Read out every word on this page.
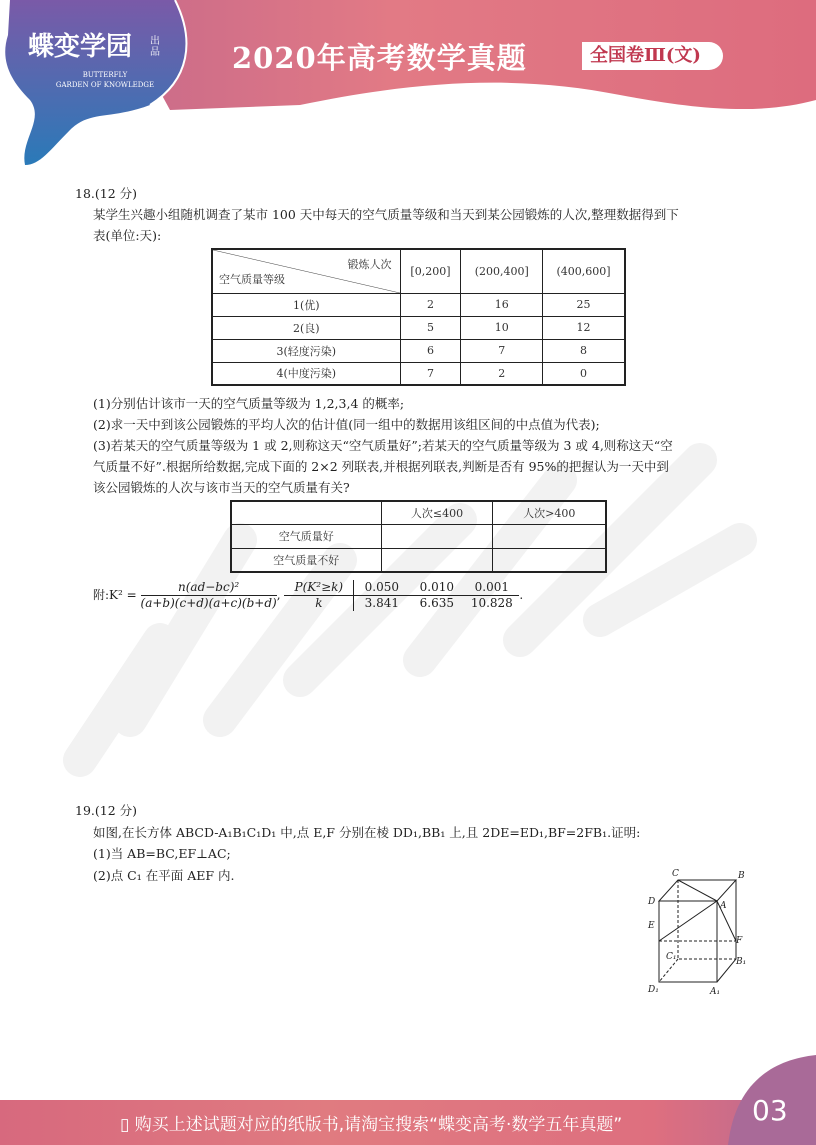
蝶变学园 出品
BUTTERFLY
GARDEN OF KNOWLEDGE
2020年高考数学真题	全国卷Ⅲ(文)
18.(12 分)
某学生兴趣小组随机调查了某市 100 天中每天的空气质量等级和当天到某公园锻炼的人次,整理数据得到下
表(单位:天):
锻炼人次
空气质量等级	[0,200]	(200,400]	(400,600]
1(优)	2	16	25
2(良)	5	10	12
3(轻度污染)	6	7	8
4(中度污染)	7	2	0
(1)分别估计该市一天的空气质量等级为 1,2,3,4 的概率;
(2)求一天中到该公园锻炼的平均人次的估计值(同一组中的数据用该组区间的中点值为代表);
(3)若某天的空气质量等级为 1 或 2,则称这天“空气质量好”;若某天的空气质量等级为 3 或 4,则称这天“空
气质量不好”.根据所给数据,完成下面的 2×2 列联表,并根据列联表,判断是否有 95%的把握认为一天中到
该公园锻炼的人次与该市当天的空气质量有关?
	人次≤400	人次>400
空气质量好		
空气质量不好		
附:K² = $\frac{\text{n(ad−bc)²}}{(a+b)(c+d)(a+c)(b+d)}$ , P(K²≥k) 0.050 0.010 0.001
k	3.841 6.635 10.828 .
19.(12 分)
如图,在长方体 ABCD-A₁B₁C₁D₁ 中,点 E,F 分别在棱 DD₁,BB₁ 上,且 2DE=ED₁,BF=2FB₁.证明:
(1)当 AB=BC,EF⊥AC;
(2)点 C₁ 在平面 AEF 内.	C	B
D	A
E
F
C₁	B₁
D₁	A₁
▯ 购买上述试题对应的纸版书,请淘宝搜索“蝶变高考·数学五年真题”	03
